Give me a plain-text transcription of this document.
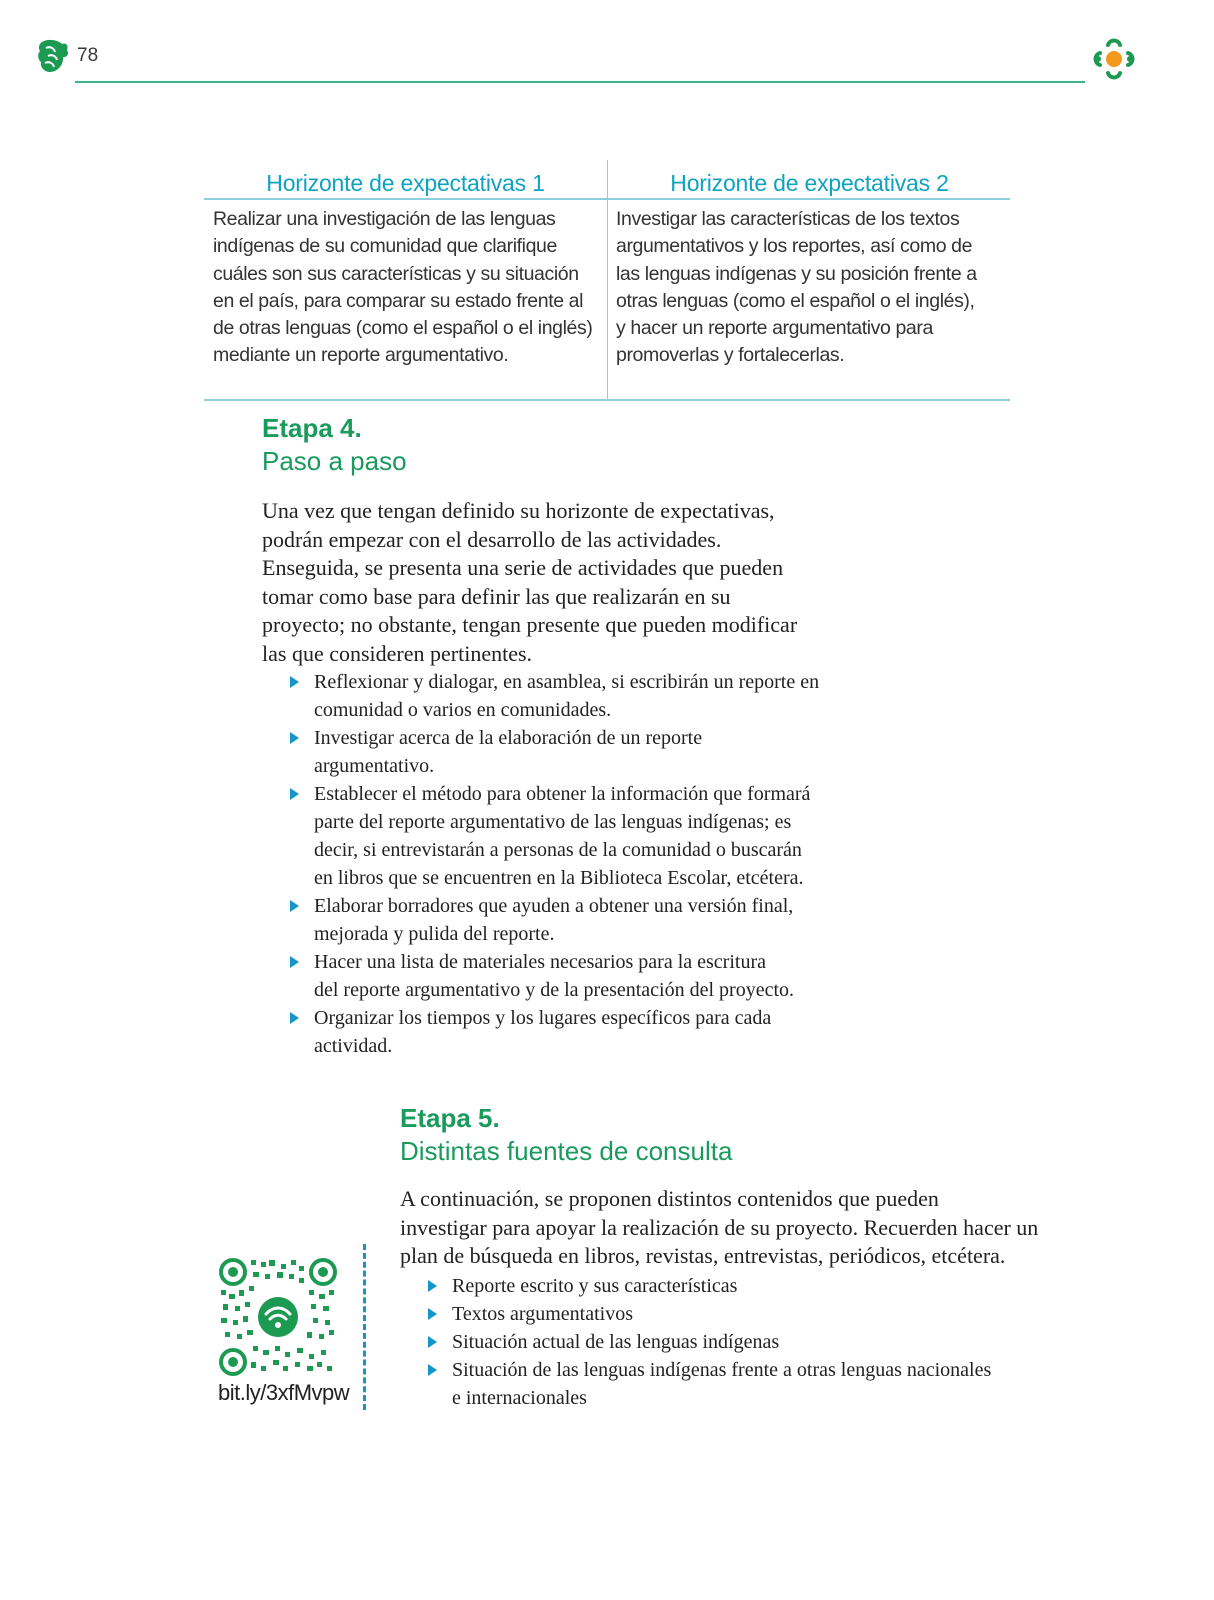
78
Horizonte de expectativas 1
Realizar una investigación de las lenguas
indígenas de su comunidad que clarifique
cuáles son sus características y su situación
en el país, para comparar su estado frente al
de otras lenguas (como el español o el inglés)
mediante un reporte argumentativo.
Horizonte de expectativas 2
Investigar las características de los textos
argumentativos y los reportes, así como de
las lenguas indígenas y su posición frente a
otras lenguas (como el español o el inglés),
y hacer un reporte argumentativo para
promoverlas y fortalecerlas.
Etapa 4.
Paso a paso
Una vez que tengan definido su horizonte de expectativas,
podrán empezar con el desarrollo de las actividades.
Enseguida, se presenta una serie de actividades que pueden
tomar como base para definir las que realizarán en su
proyecto; no obstante, tengan presente que pueden modificar
las que consideren pertinentes.
Reflexionar y dialogar, en asamblea, si escribirán un reporte en
comunidad o varios en comunidades.
Investigar acerca de la elaboración de un reporte
argumentativo.
Establecer el método para obtener la información que formará
parte del reporte argumentativo de las lenguas indígenas; es
decir, si entrevistarán a personas de la comunidad o buscarán
en libros que se encuentren en la Biblioteca Escolar, etcétera.
Elaborar borradores que ayuden a obtener una versión final,
mejorada y pulida del reporte.
Hacer una lista de materiales necesarios para la escritura
del reporte argumentativo y de la presentación del proyecto.
Organizar los tiempos y los lugares específicos para cada
actividad.
Etapa 5.
Distintas fuentes de consulta
A continuación, se proponen distintos contenidos que pueden
investigar para apoyar la realización de su proyecto. Recuerden hacer un
plan de búsqueda en libros, revistas, entrevistas, periódicos, etcétera.
Reporte escrito y sus características
Textos argumentativos
Situación actual de las lenguas indígenas
Situación de las lenguas indígenas frente a otras lenguas nacionales
e internacionales
bit.ly/3xfMvpw
